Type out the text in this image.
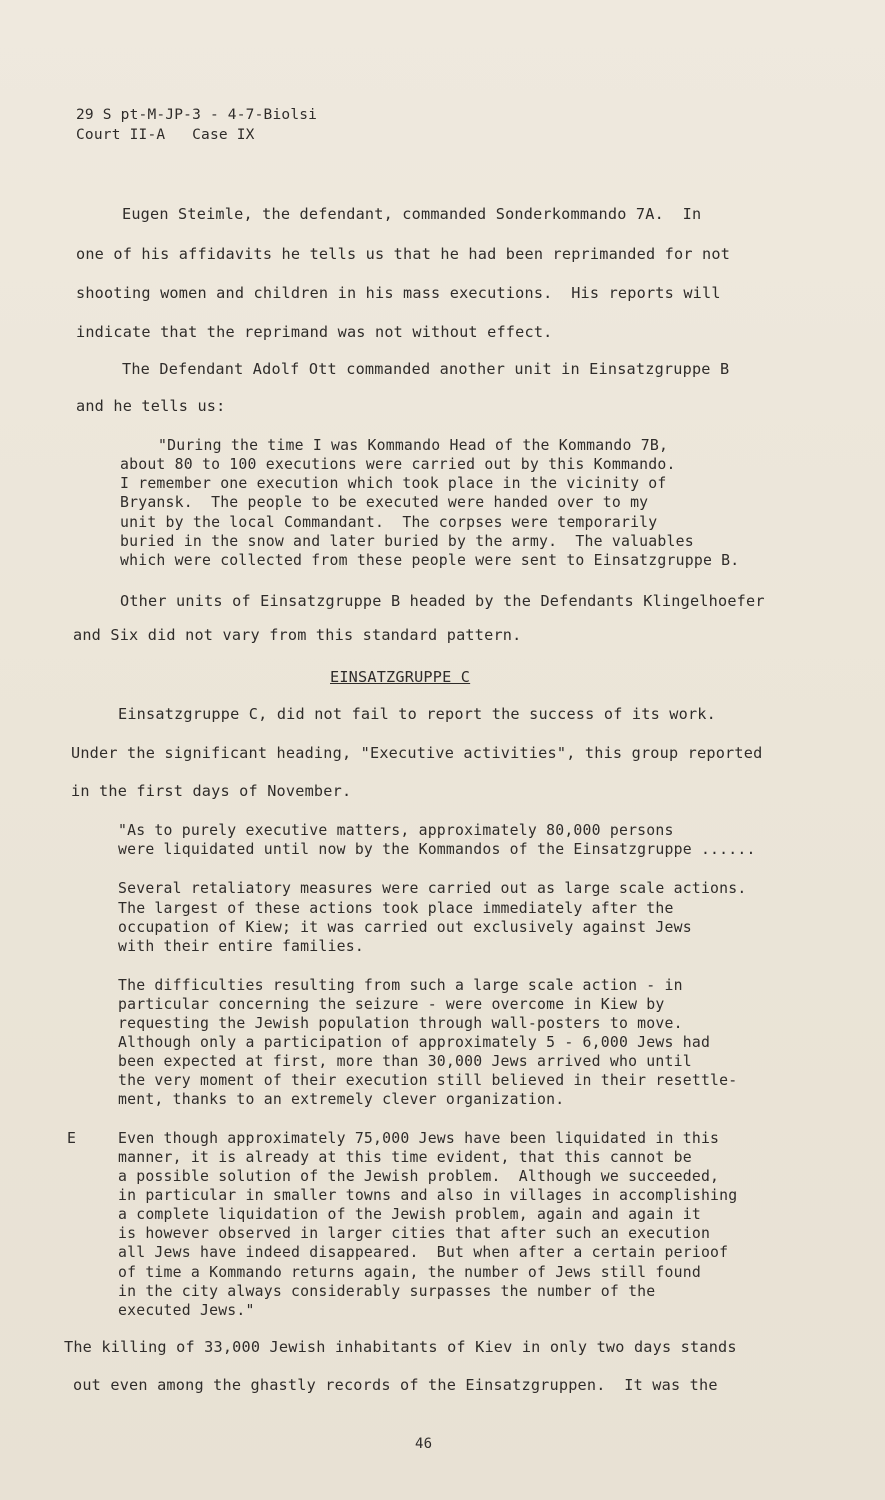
29 S pt-M-JP-3 - 4-7-Biolsi
Court II-A   Case IX
Eugen Steimle, the defendant, commanded Sonderkommando 7A.  In
one of his affidavits he tells us that he had been reprimanded for not
shooting women and children in his mass executions.  His reports will
indicate that the reprimand was not without effect.
The Defendant Adolf Ott commanded another unit in Einsatzgruppe B
and he tells us:
"During the time I was Kommando Head of the Kommando 7B,
about 80 to 100 executions were carried out by this Kommando.
I remember one execution which took place in the vicinity of
Bryansk.  The people to be executed were handed over to my
unit by the local Commandant.  The corpses were temporarily
buried in the snow and later buried by the army.  The valuables
which were collected from these people were sent to Einsatzgruppe B.
Other units of Einsatzgruppe B headed by the Defendants Klingelhoefer
and Six did not vary from this standard pattern.
EINSATZGRUPPE C
Einsatzgruppe C, did not fail to report the success of its work.
Under the significant heading, "Executive activities", this group reported
in the first days of November.
"As to purely executive matters, approximately 80,000 persons
were liquidated until now by the Kommandos of the Einsatzgruppe ......
Several retaliatory measures were carried out as large scale actions.
The largest of these actions took place immediately after the
occupation of Kiew; it was carried out exclusively against Jews
with their entire families.
The difficulties resulting from such a large scale action - in
particular concerning the seizure - were overcome in Kiew by
requesting the Jewish population through wall-posters to move.
Although only a participation of approximately 5 - 6,000 Jews had
been expected at first, more than 30,000 Jews arrived who until
the very moment of their execution still believed in their resettle-
ment, thanks to an extremely clever organization.
E	Even though approximately 75,000 Jews have been liquidated in this
manner, it is already at this time evident, that this cannot be
a possible solution of the Jewish problem.  Although we succeeded,
in particular in smaller towns and also in villages in accomplishing
a complete liquidation of the Jewish problem, again and again it
is however observed in larger cities that after such an execution
all Jews have indeed disappeared.  But when after a certain perioof
of time a Kommando returns again, the number of Jews still found
in the city always considerably surpasses the number of the
executed Jews."
The killing of 33,000 Jewish inhabitants of Kiev in only two days stands
out even among the ghastly records of the Einsatzgruppen.  It was the
46
